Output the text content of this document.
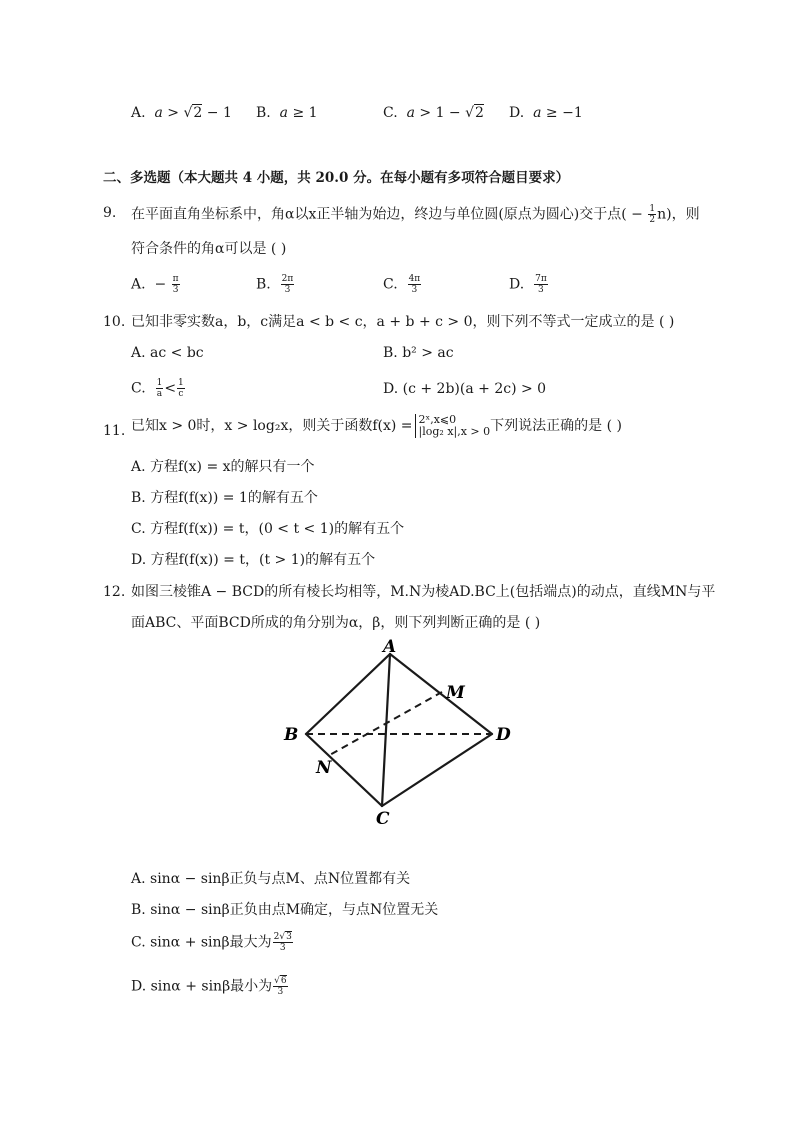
A. a > √2 − 1 B. a ≥ 1	C. a > 1 − √2 D. a ≥ −1
二、多选题（本大题共 4 小题，共 20.0 分。在每小题有多项符合题目要求）
9. 在平面直角坐标系中，角α以x正半轴为始边，终边与单位圆(原点为圆心)交于点( − $\frac{1}{2} n$)，则
符合条件的角α可以是 ( )
A.  − $\frac{\pi}{3}$	B. $\frac{2\pi}{3}$	C. $\frac{4\pi}{3}$	D. $\frac{7\pi}{3}$
10. 已知非零实数a，b，c满足a < b < c，a + b + c > 0，则下列不等式一定成立的是 ( )
A. ac < bc	B. b² > ac
C. $\frac{1}{a} < \frac{1}{c}$	D. (c + 2b)(a + 2c) > 0
11. 已知x > 0时，x > log₂x，则关于函数f(x) = 2ˣ,x⩽0
|log₂ x|,x > 0 下列说法正确的是 ( )
A. 方程f(x) = x的解只有一个
B. 方程f(f(x)) = 1的解有五个
C. 方程f(f(x)) = t，(0 < t < 1)的解有五个
D. 方程f(f(x)) = t，(t > 1)的解有五个
12. 如图三棱锥A − BCD的所有棱长均相等，M.N为棱AD.BC上(包括端点)的动点，直线MN与平
面ABC、平面BCD所成的角分别为α，β，则下列判断正确的是 ( )
A
B
C
D
M
N
A. sinα − sinβ正负与点M、点N位置都有关
B. sinα − sinβ正负由点M确定，与点N位置无关
C. sinα + sinβ最大为 $\frac{2√3}{3}$
D. sinα + sinβ最小为 $\frac{√6}{3}$
